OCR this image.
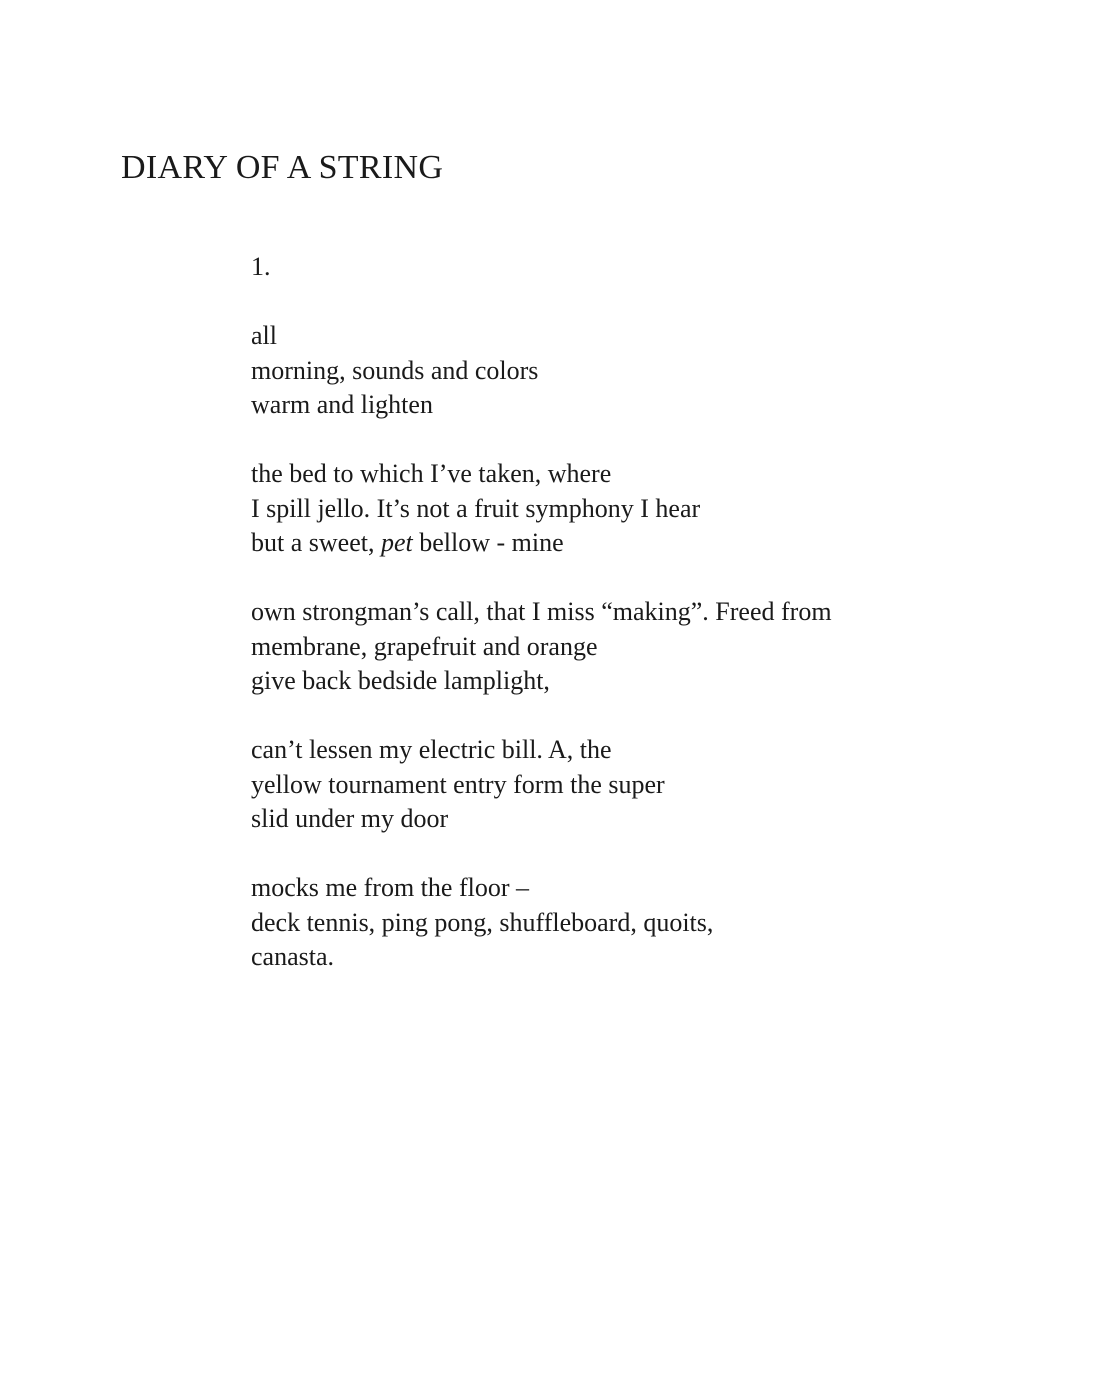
DIARY OF A STRING
1.
all
morning, sounds and colors
warm and lighten
the bed to which I’ve taken, where
I spill jello. It’s not a fruit symphony I hear
but a sweet, pet bellow - mine
own strongman’s call, that I miss “making”. Freed from
membrane, grapefruit and orange
give back bedside lamplight,
can’t lessen my electric bill. A, the
yellow tournament entry form the super
slid under my door
mocks me from the floor –
deck tennis, ping pong, shuffleboard, quoits,
canasta.
